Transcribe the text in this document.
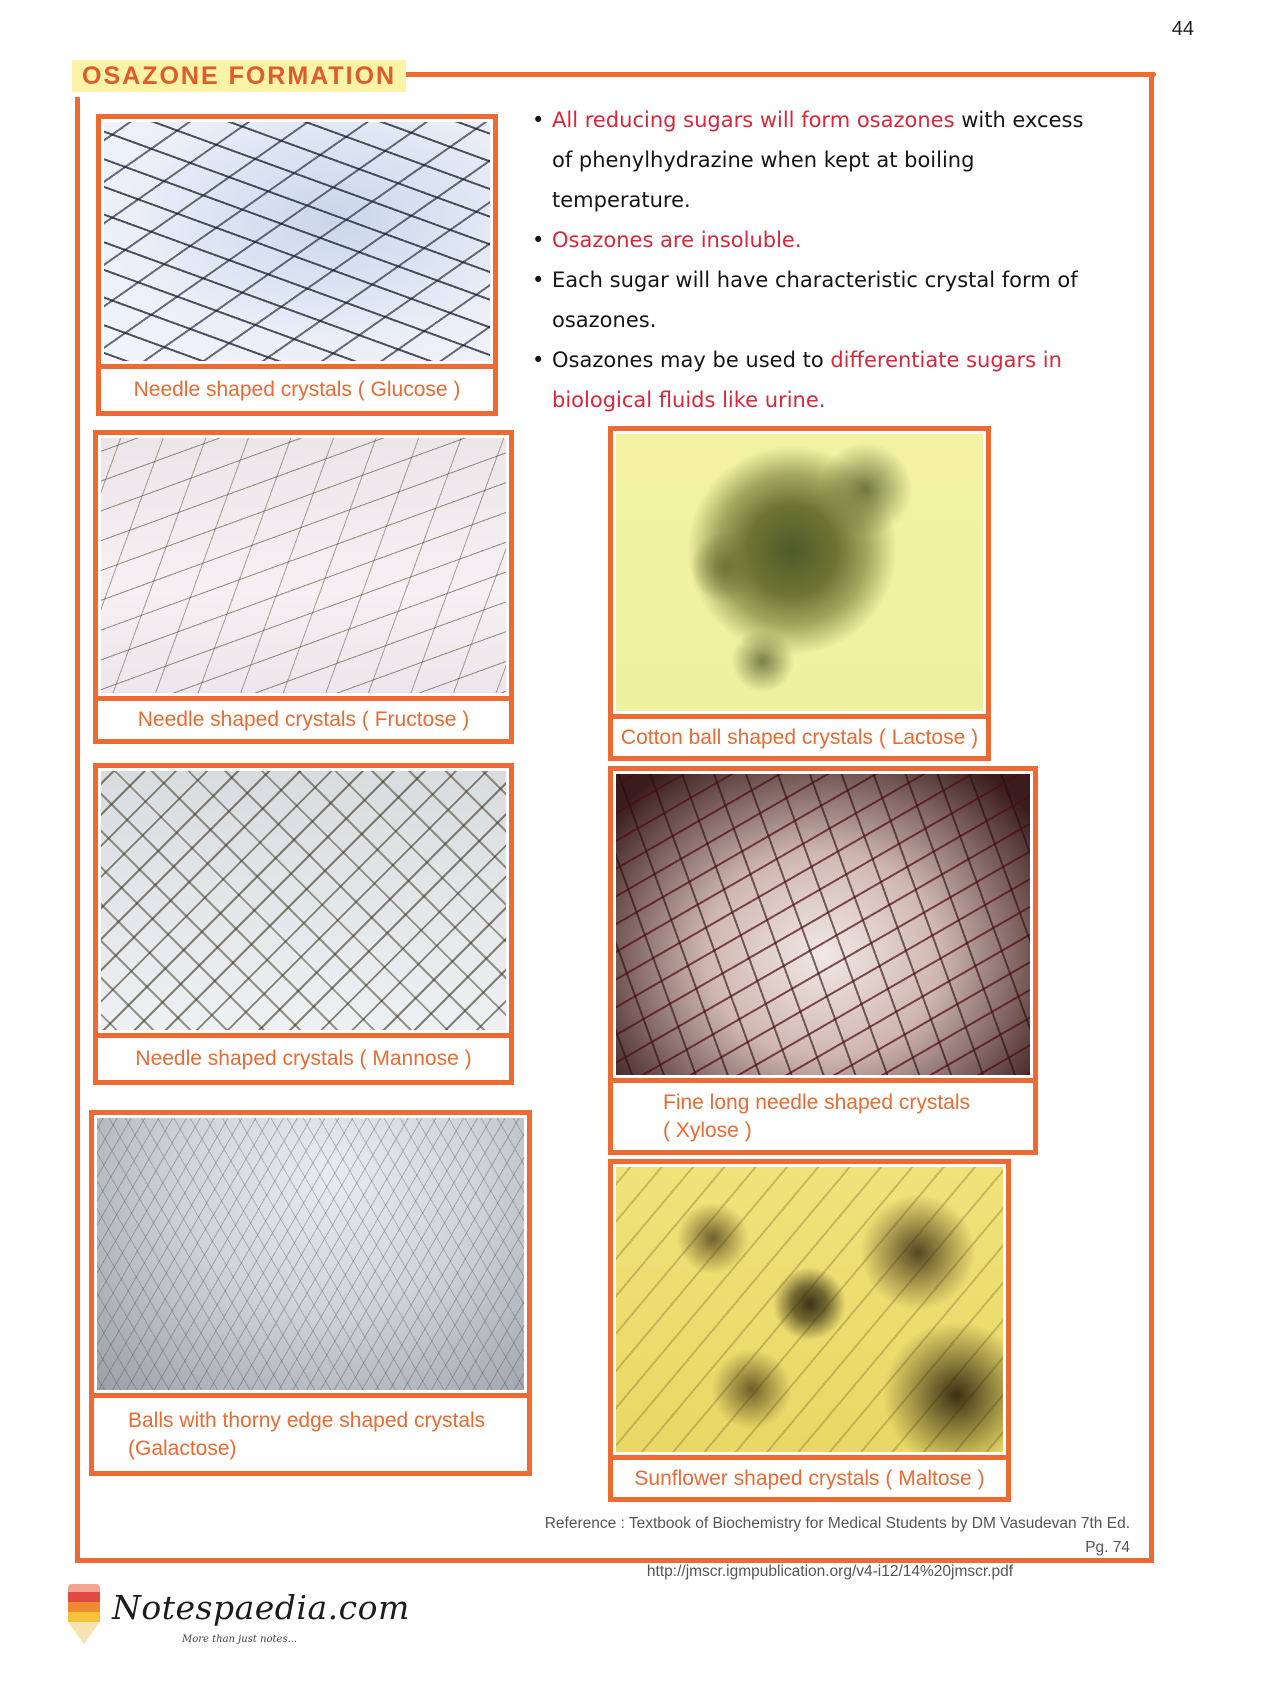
44
OSAZONE FORMATION
• All reducing sugars will form osazones with excess of phenylhydrazine when kept at boiling temperature.
• Osazones are insoluble.
• Each sugar will have characteristic crystal form of osazones.
• Osazones may be used to differentiate sugars in biological fluids like urine.
Needle shaped crystals ( Glucose )
Needle shaped crystals ( Fructose )
Needle shaped crystals ( Mannose )
Balls with thorny edge shaped crystals
(Galactose)
Cotton ball shaped crystals ( Lactose )
Fine long needle shaped crystals
( Xylose )
Sunflower shaped crystals ( Maltose )
Reference : Textbook of Biochemistry for Medical Students by DM Vasudevan 7th Ed. Pg. 74
http://jmscr.igmpublication.org/v4-i12/14%20jmscr.pdf
Notespaedia.com
More than just notes...
